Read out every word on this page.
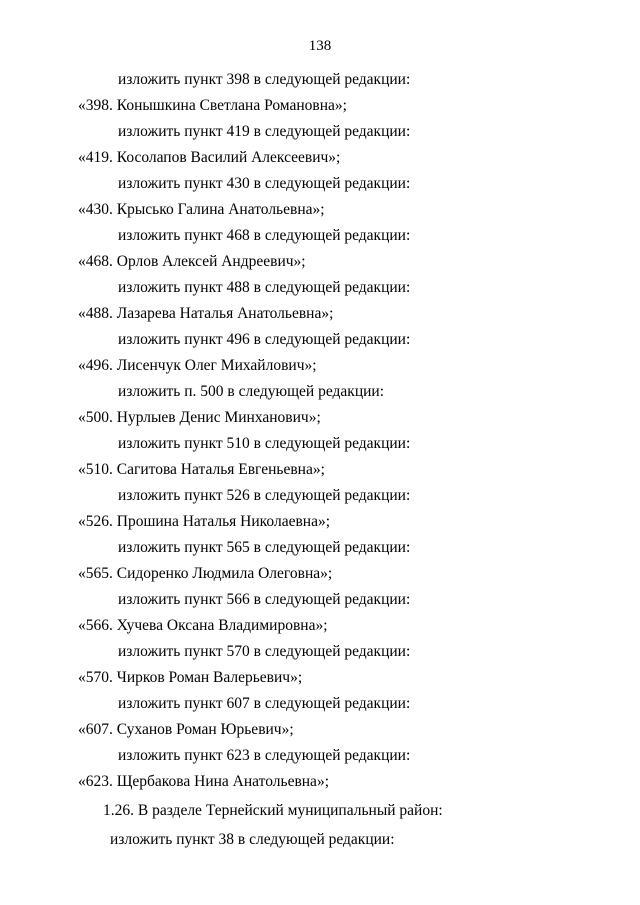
138
изложить пункт 398 в следующей редакции:
«398. Конышкина Светлана Романовна»;
изложить пункт 419 в следующей редакции:
«419. Косолапов Василий Алексеевич»;
изложить пункт 430 в следующей редакции:
«430. Крысько Галина Анатольевна»;
изложить пункт 468 в следующей редакции:
«468. Орлов Алексей Андреевич»;
изложить пункт 488 в следующей редакции:
«488. Лазарева Наталья Анатольевна»;
изложить пункт 496 в следующей редакции:
«496. Лисенчук Олег Михайлович»;
изложить п. 500 в следующей редакции:
«500. Нурлыев Денис Минханович»;
изложить пункт 510 в следующей редакции:
«510. Сагитова Наталья Евгеньевна»;
изложить пункт 526 в следующей редакции:
«526. Прошина Наталья Николаевна»;
изложить пункт 565 в следующей редакции:
«565. Сидоренко Людмила Олеговна»;
изложить пункт 566 в следующей редакции:
«566. Хучева Оксана Владимировна»;
изложить пункт 570 в следующей редакции:
«570. Чирков Роман Валерьевич»;
изложить пункт 607 в следующей редакции:
«607. Суханов Роман Юрьевич»;
изложить пункт 623 в следующей редакции:
«623. Щербакова Нина Анатольевна»;
1.26. В разделе Тернейский муниципальный район:
изложить пункт 38 в следующей редакции:
